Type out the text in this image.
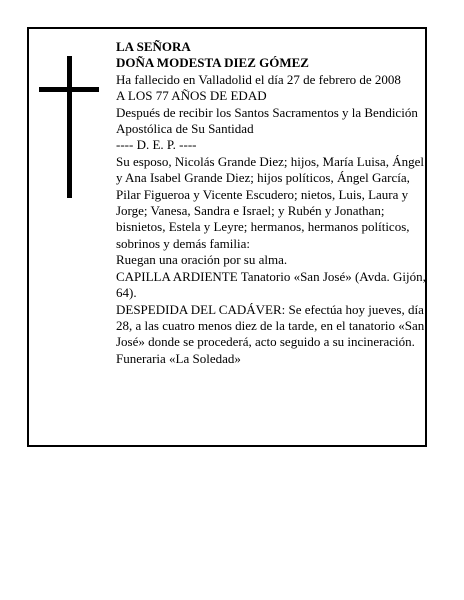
LA SEÑORA

DOÑA MODESTA DIEZ GÓMEZ

Ha fallecido en Valladolid el día 27 de febrero de 2008

A LOS 77 AÑOS DE EDAD

Después de recibir los Santos Sacramentos y la Bendición Apostólica de Su Santidad

---- D. E. P. ----

Su esposo, Nicolás Grande Diez; hijos, María Luisa, Ángel y Ana Isabel Grande Diez; hijos políticos, Ángel García, Pilar Figueroa y Vicente Escudero; nietos, Luis, Laura y Jorge; Vanesa, Sandra e Israel; y Rubén y Jonathan; bisnietos, Estela y Leyre; hermanos, hermanos políticos, sobrinos y demás familia:

Ruegan una oración por su alma.

CAPILLA ARDIENTE Tanatorio «San José» (Avda. Gijón, 64).

DESPEDIDA DEL CADÁVER: Se efectúa hoy jueves, día 28, a las cuatro menos diez de la tarde, en el tanatorio «San José» donde se procederá, acto seguido a su incineración.

Funeraria «La Soledad»
